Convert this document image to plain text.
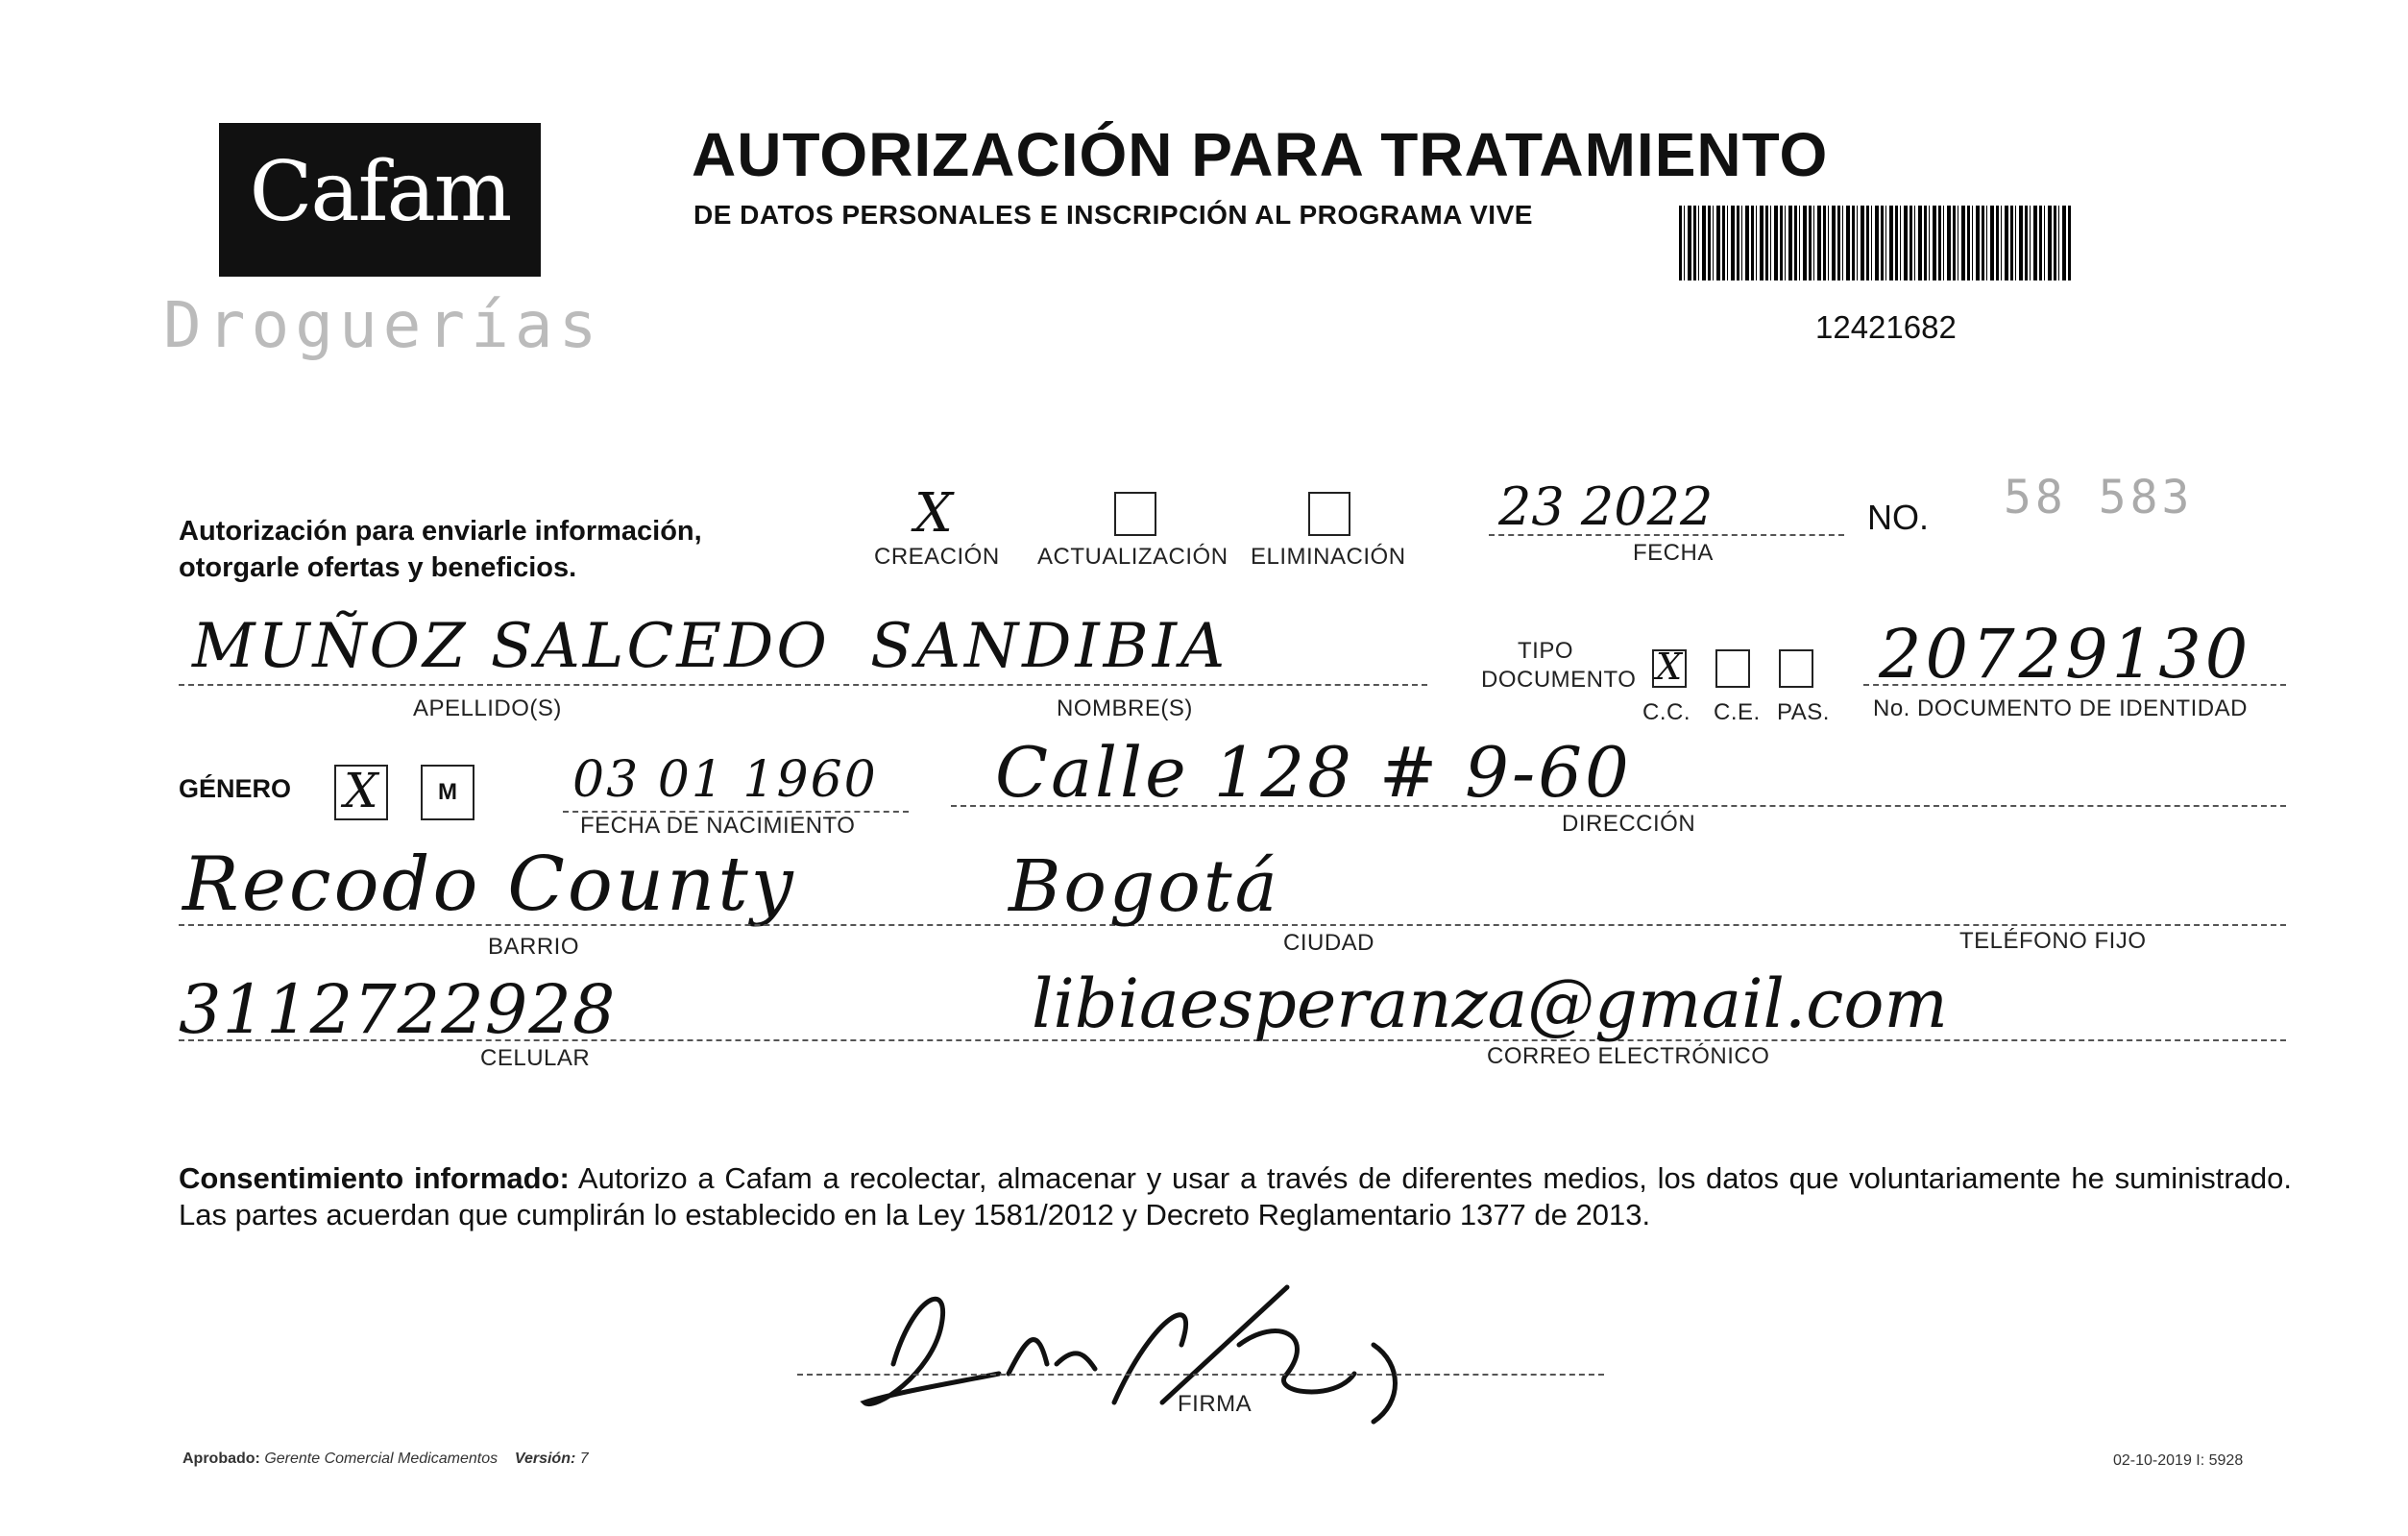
Cafam
Droguerías
AUTORIZACIÓN PARA TRATAMIENTO
DE DATOS PERSONALES E INSCRIPCIÓN AL PROGRAMA VIVE
12421682
Autorización para enviarle información,
otorgarle ofertas y beneficios.
X
CREACIÓN ACTUALIZACIÓN ELIMINACIÓN
23 2022
FECHA
NO. 58 583
MUÑOZ SALCEDO
APELLIDO(S)
SANDIBIA
NOMBRE(S)
TIPO
DOCUMENTO X
C.C. C.E. PAS.
20729130
No. DOCUMENTO DE IDENTIDAD
GÉNERO X	M	03 01 1960
FECHA DE NACIMIENTO
Calle 128 # 9-60
DIRECCIÓN
Recodo County
BARRIO
Bogotá
CIUDAD	TELÉFONO FIJO
3112722928
CELULAR
libiaesperanza@gmail.com
CORREO ELECTRÓNICO
Consentimiento informado: Autorizo a Cafam a recolectar, almacenar y usar a través de diferentes medios, los datos que voluntariamente he suministrado. Las partes acuerdan que cumplirán lo establecido en la Ley 1581/2012 y Decreto Reglamentario 1377 de 2013.
FIRMA
Aprobado: Gerente Comercial Medicamentos Versión: 7	02-10-2019 I: 5928
